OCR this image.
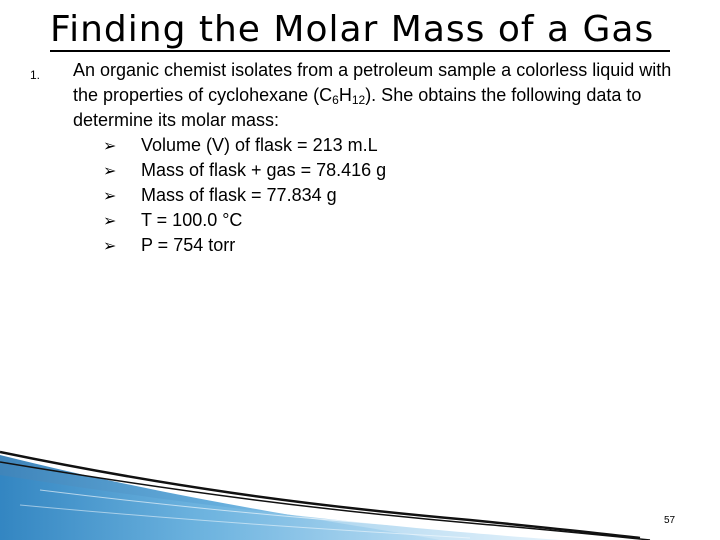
Finding the Molar Mass of a Gas
1. An organic chemist isolates from a petroleum sample a colorless liquid with the properties of cyclohexane $(C_6H_{12})$. She obtains the following data to determine its molar mass:
➢	Volume (V) of flask = 213 m.L
➢	Mass of flask + gas = 78.416 g
➢	Mass of flask = 77.834 g
➢	T = 100.0 °C
➢	P = 754 torr
57
